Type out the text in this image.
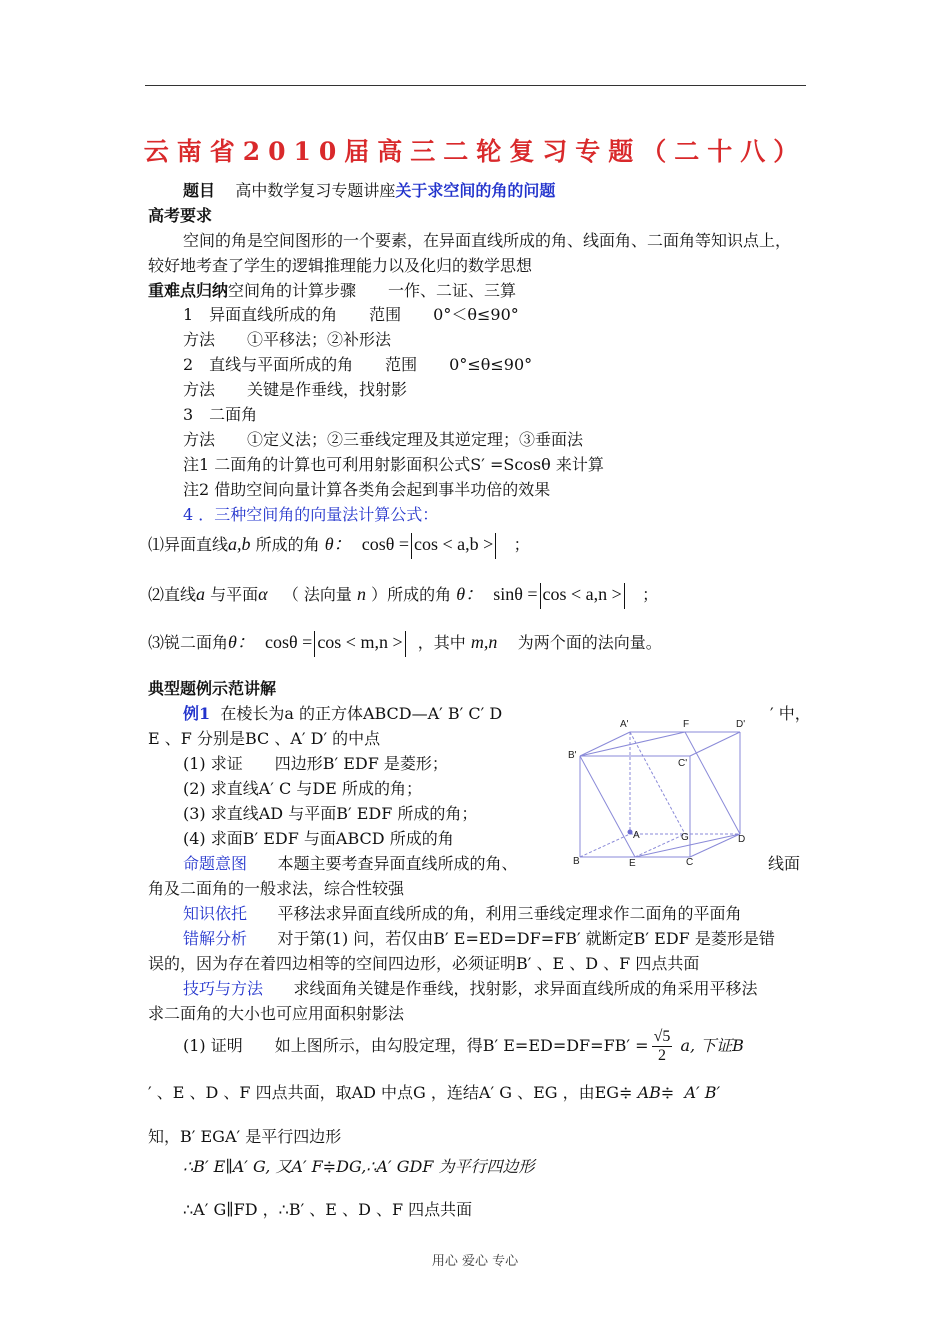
云南省2010届高三二轮复习专题（二十八）
题目 高中数学复习专题讲座关于求空间的角的问题
高考要求
空间的角是空间图形的一个要素，在异面直线所成的角、线面角、二面角等知识点上，
较好地考查了学生的逻辑推理能力以及化归的数学思想
重难点归纳空间角的计算步骤　　一作、二证、三算
1　异面直线所成的角　　范围　　0°＜θ≤90°
方法　　①平移法；②补形法
2　直线与平面所成的角　　范围　　0°≤θ≤90°
方法　　关键是作垂线，找射影
3　二面角
方法　　①定义法；②三垂线定理及其逆定理；③垂面法
注1 二面角的计算也可利用射影面积公式S′ =Scosθ 来计算
注2 借助空间向量计算各类角会起到事半功倍的效果
4 ．三种空间角的向量法计算公式：
⑴异面直线a,b 所成的角 θ： cosθ = cos < a,b > ；
⑵直线a 与平面α （ 法向量 n ）所成的角 θ： sinθ = cos < a,n > ；
⑶锐二面角θ： cosθ = cos < m,n > ，其中 m,n 为两个面的法向量。
典型题例示范讲解
例1 在棱长为a 的正方体ABCD—A′ B′ C′ D	′ 中，
E 、F 分别是BC 、A′ D′ 的中点
(1) 求证　　四边形B′ EDF 是菱形；
(2) 求直线A′ C 与DE 所成的角；
(3) 求直线AD 与平面B′ EDF 所成的角；
(4) 求面B′ EDF 与面ABCD 所成的角
命题意图 本题主要考查异面直线所成的角、	线面
角及二面角的一般求法，综合性较强
知识依托 平移法求异面直线所成的角，利用三垂线定理求作二面角的平面角
错解分析 对于第(1) 问，若仅由B′ E=ED=DF=FB′ 就断定B′ EDF 是菱形是错
误的，因为存在着四边相等的空间四边形，必须证明B′ 、E 、D 、F 四点共面
技巧与方法 求线面角关键是作垂线，找射影，求异面直线所成的角采用平移法
求二面角的大小也可应用面积射影法
(1) 证明　　如上图所示，由勾股定理，得B′ $E=ED=DF=FB' = \frac{√5}{2} a$, 下证B
′ 、E 、D 、F 四点共面，取AD 中点G ，连结A′ G 、EG ，由EG≑ AB≑ A′ B′
知，B′ EGA′ 是平行四边形
∴B′ E∥A′ G, 又A′ F≑DG,∴A′ GDF 为平行四边形
∴A′ G∥FD ，∴B′ 、E 、D 、F 四点共面
A'	F	D'
B'
C'
A	G	D
B	E	C
用心 爱心 专心
